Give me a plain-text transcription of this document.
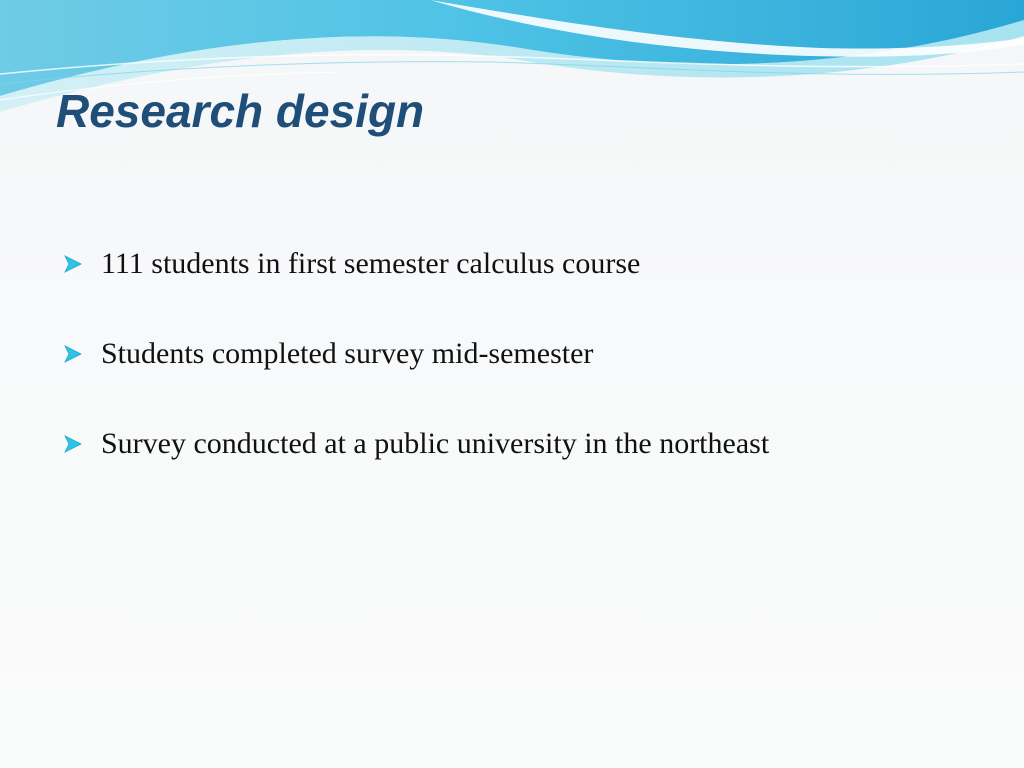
Research design
111 students in first semester calculus course
Students completed survey mid-semester
Survey conducted at a public university in the northeast
